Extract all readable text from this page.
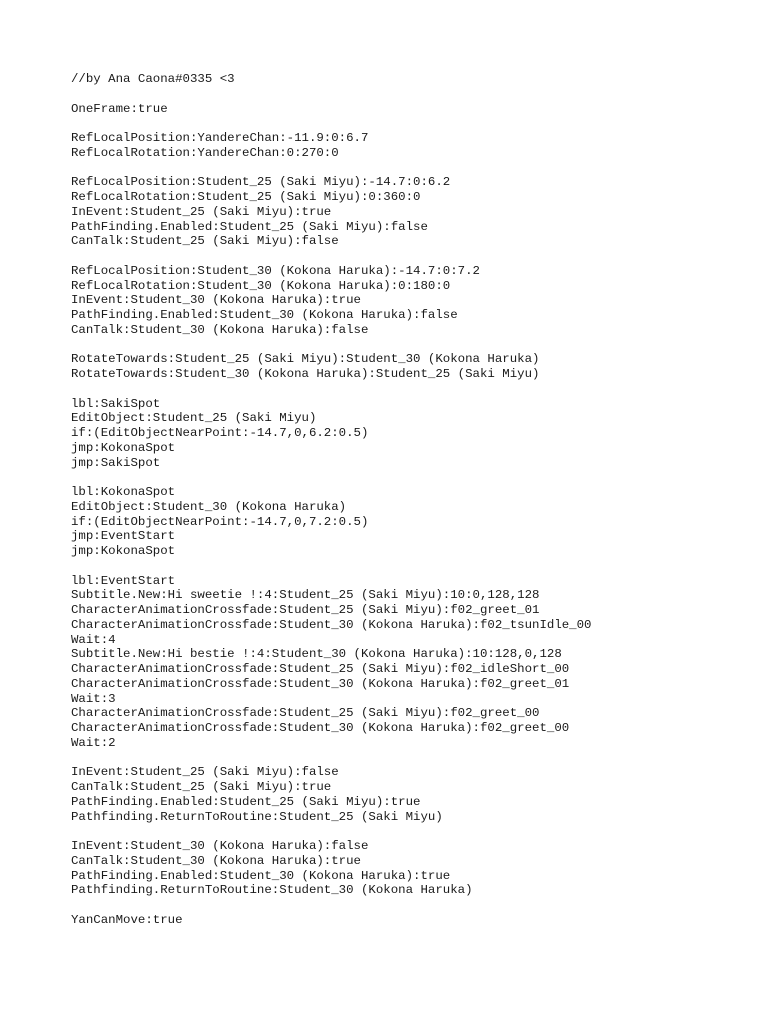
//by Ana Caona#0335 <3
OneFrame:true
RefLocalPosition:YandereChan:-11.9:0:6.7
RefLocalRotation:YandereChan:0:270:0
RefLocalPosition:Student_25 (Saki Miyu):-14.7:0:6.2
RefLocalRotation:Student_25 (Saki Miyu):0:360:0
InEvent:Student_25 (Saki Miyu):true
PathFinding.Enabled:Student_25 (Saki Miyu):false
CanTalk:Student_25 (Saki Miyu):false
RefLocalPosition:Student_30 (Kokona Haruka):-14.7:0:7.2
RefLocalRotation:Student_30 (Kokona Haruka):0:180:0
InEvent:Student_30 (Kokona Haruka):true
PathFinding.Enabled:Student_30 (Kokona Haruka):false
CanTalk:Student_30 (Kokona Haruka):false
RotateTowards:Student_25 (Saki Miyu):Student_30 (Kokona Haruka)
RotateTowards:Student_30 (Kokona Haruka):Student_25 (Saki Miyu)
lbl:SakiSpot
EditObject:Student_25 (Saki Miyu)
if:(EditObjectNearPoint:-14.7,0,6.2:0.5)
jmp:KokonaSpot
jmp:SakiSpot
lbl:KokonaSpot
EditObject:Student_30 (Kokona Haruka)
if:(EditObjectNearPoint:-14.7,0,7.2:0.5)
jmp:EventStart
jmp:KokonaSpot
lbl:EventStart
Subtitle.New:Hi sweetie !:4:Student_25 (Saki Miyu):10:0,128,128
CharacterAnimationCrossfade:Student_25 (Saki Miyu):f02_greet_01
CharacterAnimationCrossfade:Student_30 (Kokona Haruka):f02_tsunIdle_00
Wait:4
Subtitle.New:Hi bestie !:4:Student_30 (Kokona Haruka):10:128,0,128
CharacterAnimationCrossfade:Student_25 (Saki Miyu):f02_idleShort_00
CharacterAnimationCrossfade:Student_30 (Kokona Haruka):f02_greet_01
Wait:3
CharacterAnimationCrossfade:Student_25 (Saki Miyu):f02_greet_00
CharacterAnimationCrossfade:Student_30 (Kokona Haruka):f02_greet_00
Wait:2
InEvent:Student_25 (Saki Miyu):false
CanTalk:Student_25 (Saki Miyu):true
PathFinding.Enabled:Student_25 (Saki Miyu):true
Pathfinding.ReturnToRoutine:Student_25 (Saki Miyu)
InEvent:Student_30 (Kokona Haruka):false
CanTalk:Student_30 (Kokona Haruka):true
PathFinding.Enabled:Student_30 (Kokona Haruka):true
Pathfinding.ReturnToRoutine:Student_30 (Kokona Haruka)
YanCanMove:true
